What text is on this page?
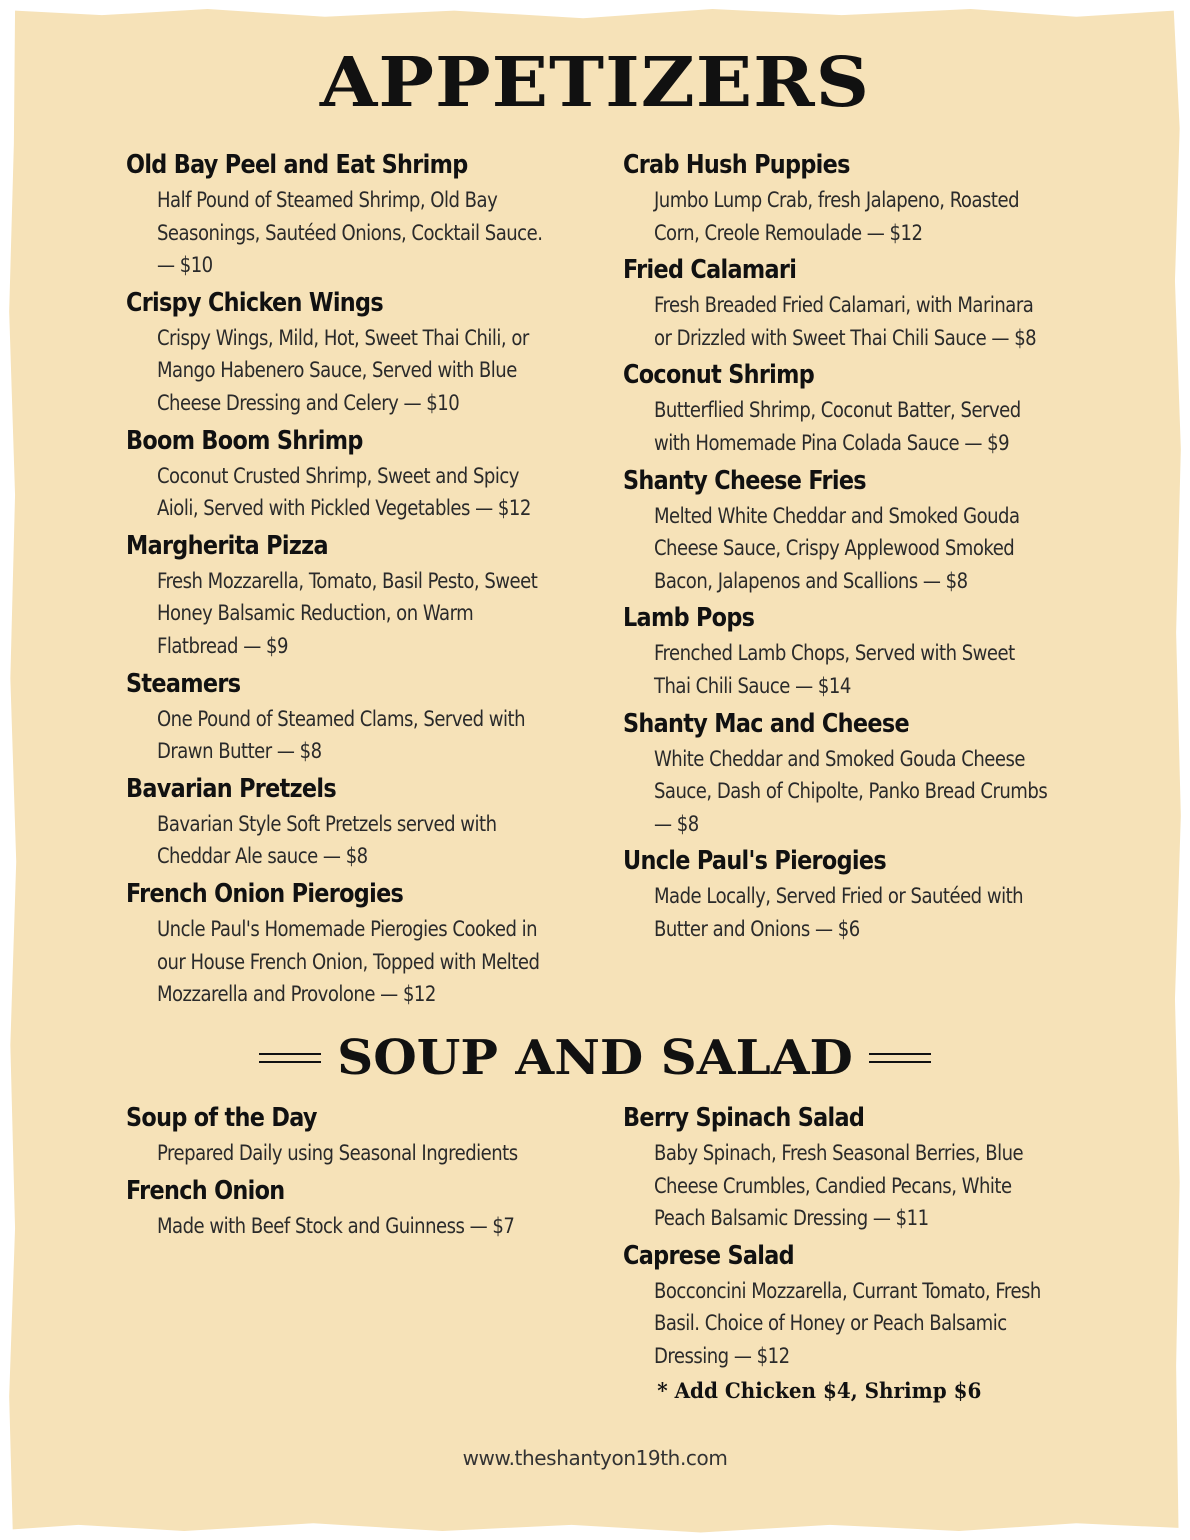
APPETIZERS
Old Bay Peel and Eat Shrimp
Half Pound of Steamed Shrimp, Old Bay Seasonings, Sautéed Onions, Cocktail Sauce. — $10
Crispy Chicken Wings
Crispy Wings, Mild, Hot, Sweet Thai Chili, or Mango Habenero Sauce, Served with Blue Cheese Dressing and Celery — $10
Boom Boom Shrimp
Coconut Crusted Shrimp, Sweet and Spicy Aioli, Served with Pickled Vegetables — $12
Margherita Pizza
Fresh Mozzarella, Tomato, Basil Pesto, Sweet Honey Balsamic Reduction, on Warm Flatbread — $9
Steamers
One Pound of Steamed Clams, Served with Drawn Butter — $8
Bavarian Pretzels
Bavarian Style Soft Pretzels served with Cheddar Ale sauce — $8
French Onion Pierogies
Uncle Paul's Homemade Pierogies Cooked in our House French Onion, Topped with Melted Mozzarella and Provolone — $12
Crab Hush Puppies
Jumbo Lump Crab, fresh Jalapeno, Roasted Corn, Creole Remoulade — $12
Fried Calamari
Fresh Breaded Fried Calamari, with Marinara or Drizzled with Sweet Thai Chili Sauce — $8
Coconut Shrimp
Butterflied Shrimp, Coconut Batter, Served with Homemade Pina Colada Sauce — $9
Shanty Cheese Fries
Melted White Cheddar and Smoked Gouda Cheese Sauce, Crispy Applewood Smoked Bacon, Jalapenos and Scallions — $8
Lamb Pops
Frenched Lamb Chops, Served with Sweet Thai Chili Sauce — $14
Shanty Mac and Cheese
White Cheddar and Smoked Gouda Cheese Sauce, Dash of Chipolte, Panko Bread Crumbs — $8
Uncle Paul's Pierogies
Made Locally, Served Fried or Sautéed with Butter and Onions — $6
SOUP AND SALAD
Soup of the Day
Prepared Daily using Seasonal Ingredients
French Onion
Made with Beef Stock and Guinness — $7
Berry Spinach Salad
Baby Spinach, Fresh Seasonal Berries, Blue Cheese Crumbles, Candied Pecans, White Peach Balsamic Dressing — $11
Caprese Salad
Bocconcini Mozzarella, Currant Tomato, Fresh Basil. Choice of Honey or Peach Balsamic Dressing — $12
* Add Chicken $4, Shrimp $6
www.theshantyon19th.com
